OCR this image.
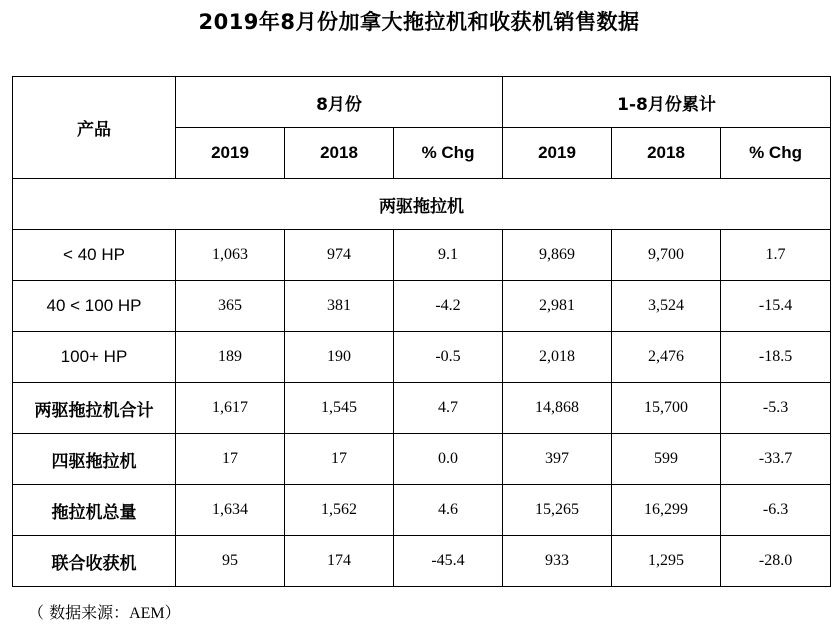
2019年8月份加拿大拖拉机和收获机销售数据
产品	8月份			1-8月份累计		
	2019	2018	% Chg	2019	2018	% Chg
两驱拖拉机						
< 40 HP	1,063	974	9.1	9,869	9,700	1.7
40 < 100 HP	365	381	-4.2	2,981	3,524	-15.4
100+ HP	189	190	-0.5	2,018	2,476	-18.5
两驱拖拉机合计	1,617	1,545	4.7	14,868	15,700	-5.3
四驱拖拉机	17	17	0.0	397	599	-33.7
拖拉机总量	1,634	1,562	4.6	15,265	16,299	-6.3
联合收获机	95	174	-45.4	933	1,295	-28.0
（ 数据来源：AEM）
